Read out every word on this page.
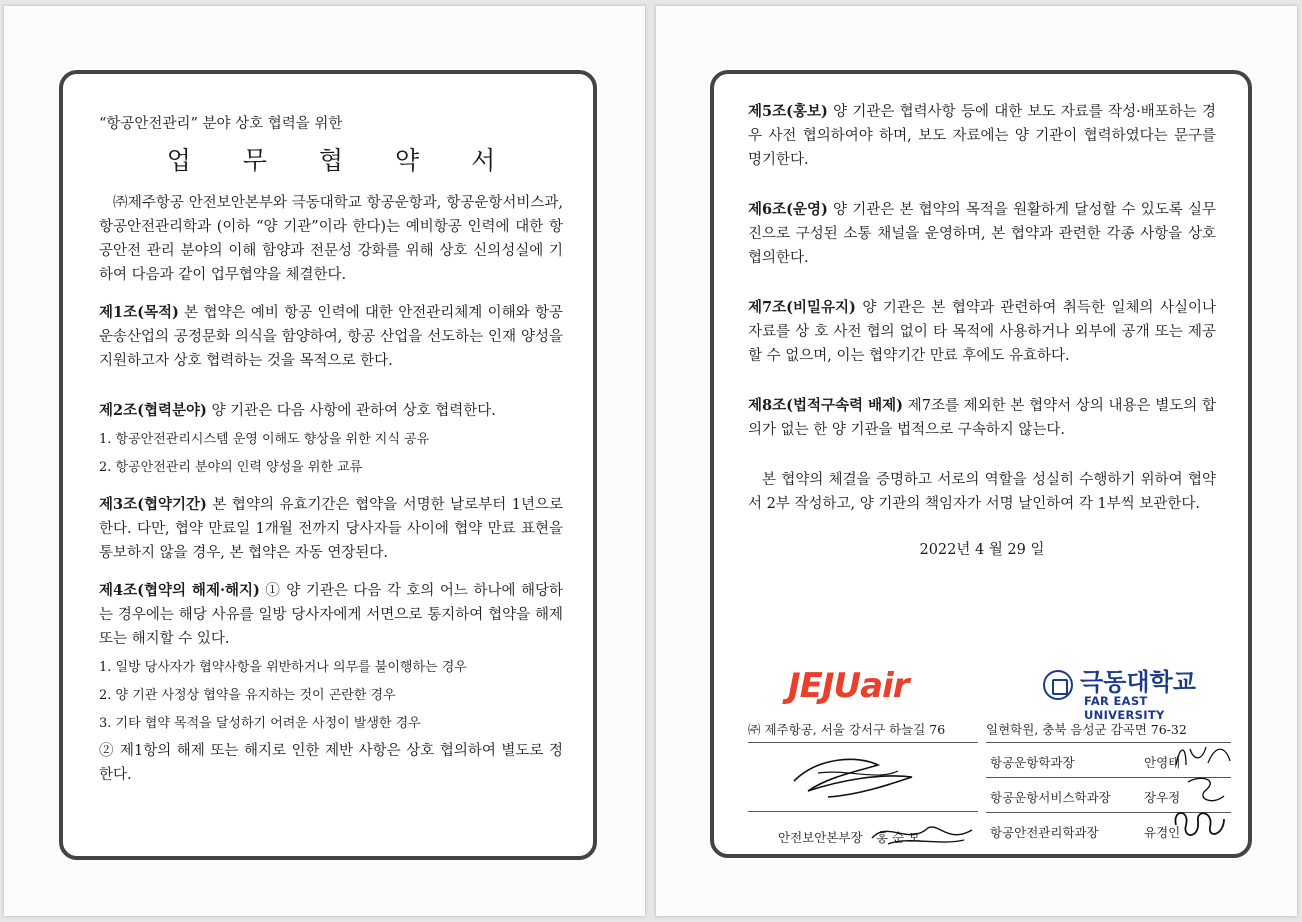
“항공안전관리” 분야 상호 협력을 위한

업 무 협 약 서

㈜제주항공 안전보안본부와 극동대학교 항공운항과, 항공운항서비스과, 항공안전관리학과 (이하 “양 기관”이라 한다)는 예비항공 인력에 대한 항공안전 관리 분야의 이해 함양과 전문성 강화를 위해 상호 신의성실에 기하여 다음과 같이 업무협약을 체결한다.

제1조(목적) 본 협약은 예비 항공 인력에 대한 안전관리체계 이해와 항공운송산업의 공정문화 의식을 함양하여, 항공 산업을 선도하는 인재 양성을 지원하고자 상호 협력하는 것을 목적으로 한다.

제2조(협력분야) 양 기관은 다음 사항에 관하여 상호 협력한다.

1. 항공안전관리시스템 운영 이해도 향상을 위한 지식 공유

2. 항공안전관리 분야의 인력 양성을 위한 교류

제3조(협약기간) 본 협약의 유효기간은 협약을 서명한 날로부터 1년으로 한다. 다만, 협약 만료일 1개월 전까지 당사자들 사이에 협약 만료 표현을 통보하지 않을 경우, 본 협약은 자동 연장된다.

제4조(협약의 해제·해지) ① 양 기관은 다음 각 호의 어느 하나에 해당하는 경우에는 해당 사유를 일방 당사자에게 서면으로 통지하여 협약을 해제 또는 해지할 수 있다.

1. 일방 당사자가 협약사항을 위반하거나 의무를 불이행하는 경우

2. 양 기관 사정상 협약을 유지하는 것이 곤란한 경우

3. 기타 협약 목적을 달성하기 어려운 사정이 발생한 경우

② 제1항의 해제 또는 해지로 인한 제반 사항은 상호 협의하여 별도로 정한다.

제5조(홍보) 양 기관은 협력사항 등에 대한 보도 자료를 작성·배포하는 경우 사전 협의하여야 하며, 보도 자료에는 양 기관이 협력하였다는 문구를 명기한다.

제6조(운영) 양 기관은 본 협약의 목적을 원활하게 달성할 수 있도록 실무진으로 구성된 소통 채널을 운영하며, 본 협약과 관련한 각종 사항을 상호 협의한다.

제7조(비밀유지) 양 기관은 본 협약과 관련하여 취득한 일체의 사실이나 자료를 상 호 사전 협의 없이 타 목적에 사용하거나 외부에 공개 또는 제공할 수 없으며, 이는 협약기간 만료 후에도 유효하다.

제8조(법적구속력 배제) 제7조를 제외한 본 협약서 상의 내용은 별도의 합의가 없는 한 양 기관을 법적으로 구속하지 않는다.

본 협약의 체결을 증명하고 서로의 역할을 성실히 수행하기 위하여 협약서 2부 작성하고, 양 기관의 책임자가 서명 날인하여 각 1부씩 보관한다.

2022년 4 월 29 일

JEJUair	극동대학교
FAR EAST UNIVERSITY
㈜ 제주항공, 서울 강서구 하늘길 76
안전보안본부장 홍 순 모
일현학원, 충북 음성군 감곡면 76-32
항공운항학과장	안영태
항공운항서비스학과장	장우정
항공안전관리학과장	유경인
